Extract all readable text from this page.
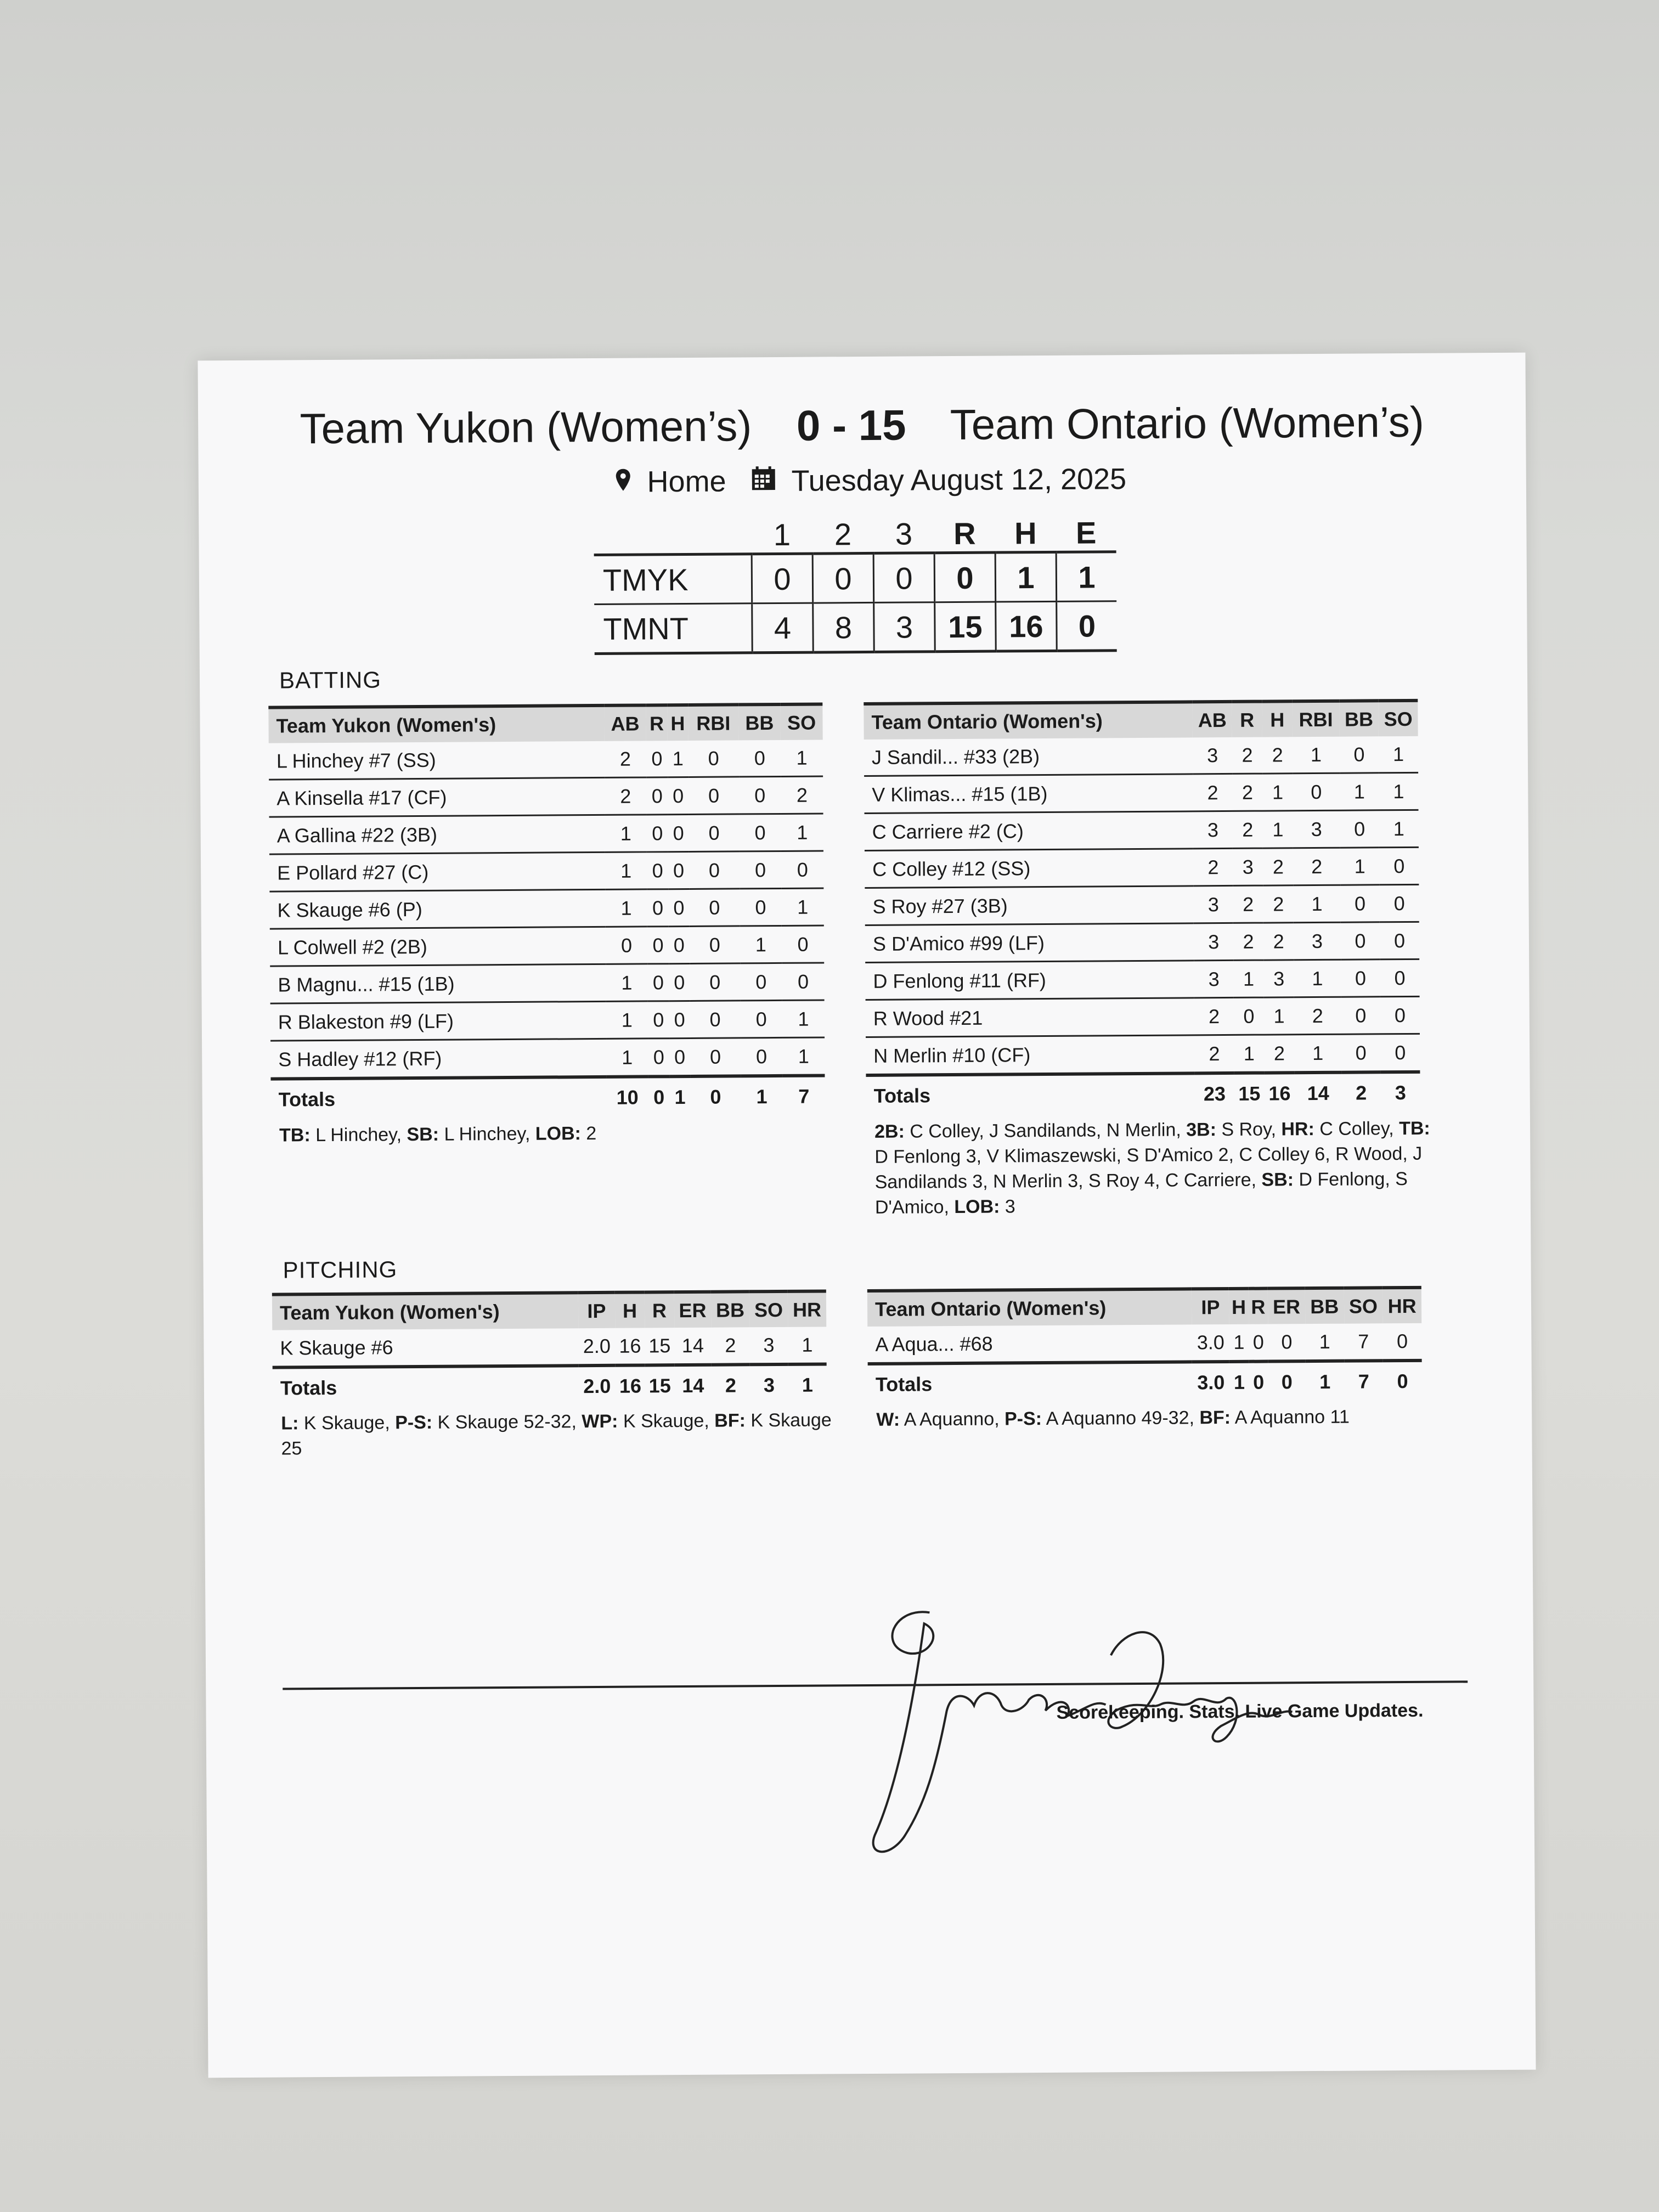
Team Yukon (Women’s) 0 - 15 Team Ontario (Women’s)
Home Tuesday August 12, 2025
	1	2	3	R	H	E
TMYK	0	0	0	0	1	1
TMNT	4	8	3	15	16	0
BATTING
Team Yukon (Women's)	AB	R	H	RBI	BB	SO
L Hinchey #7 (SS)	2	0	1	0	0	1
A Kinsella #17 (CF)	2	0	0	0	0	2
A Gallina #22 (3B)	1	0	0	0	0	1
E Pollard #27 (C)	1	0	0	0	0	0
K Skauge #6 (P)	1	0	0	0	0	1
L Colwell #2 (2B)	0	0	0	0	1	0
B Magnu... #15 (1B)	1	0	0	0	0	0
R Blakeston #9 (LF)	1	0	0	0	0	1
S Hadley #12 (RF)	1	0	0	0	0	1
Totals	10	0	1	0	1	7
TB: L Hinchey, SB: L Hinchey, LOB: 2
Team Ontario (Women's)	AB	R	H	RBI	BB	SO
J Sandil... #33 (2B)	3	2	2	1	0	1
V Klimas... #15 (1B)	2	2	1	0	1	1
C Carriere #2 (C)	3	2	1	3	0	1
C Colley #12 (SS)	2	3	2	2	1	0
S Roy #27 (3B)	3	2	2	1	0	0
S D'Amico #99 (LF)	3	2	2	3	0	0
D Fenlong #11 (RF)	3	1	3	1	0	0
R Wood #21	2	0	1	2	0	0
N Merlin #10 (CF)	2	1	2	1	0	0
Totals	23	15	16	14	2	3
2B: C Colley, J Sandilands, N Merlin, 3B: S Roy, HR: C Colley, TB: D Fenlong 3, V Klimaszewski, S D'Amico 2, C Colley 6, R Wood, J Sandilands 3, N Merlin 3, S Roy 4, C Carriere, SB: D Fenlong, S D'Amico, LOB: 3
PITCHING
Team Yukon (Women's)	IP	H	R	ER	BB	SO	HR
K Skauge #6	2.0	16	15	14	2	3	1
Totals	2.0	16	15	14	2	3	1
L: K Skauge, P-S: K Skauge 52-32, WP: K Skauge, BF: K Skauge 25
Team Ontario (Women's)	IP	H	R	ER	BB	SO	HR
A Aqua... #68	3.0	1	0	0	1	7	0
Totals	3.0	1	0	0	1	7	0
W: A Aquanno, P-S: A Aquanno 49-32, BF: A Aquanno 11
Scorekeeping. Stats. Live Game Updates.
